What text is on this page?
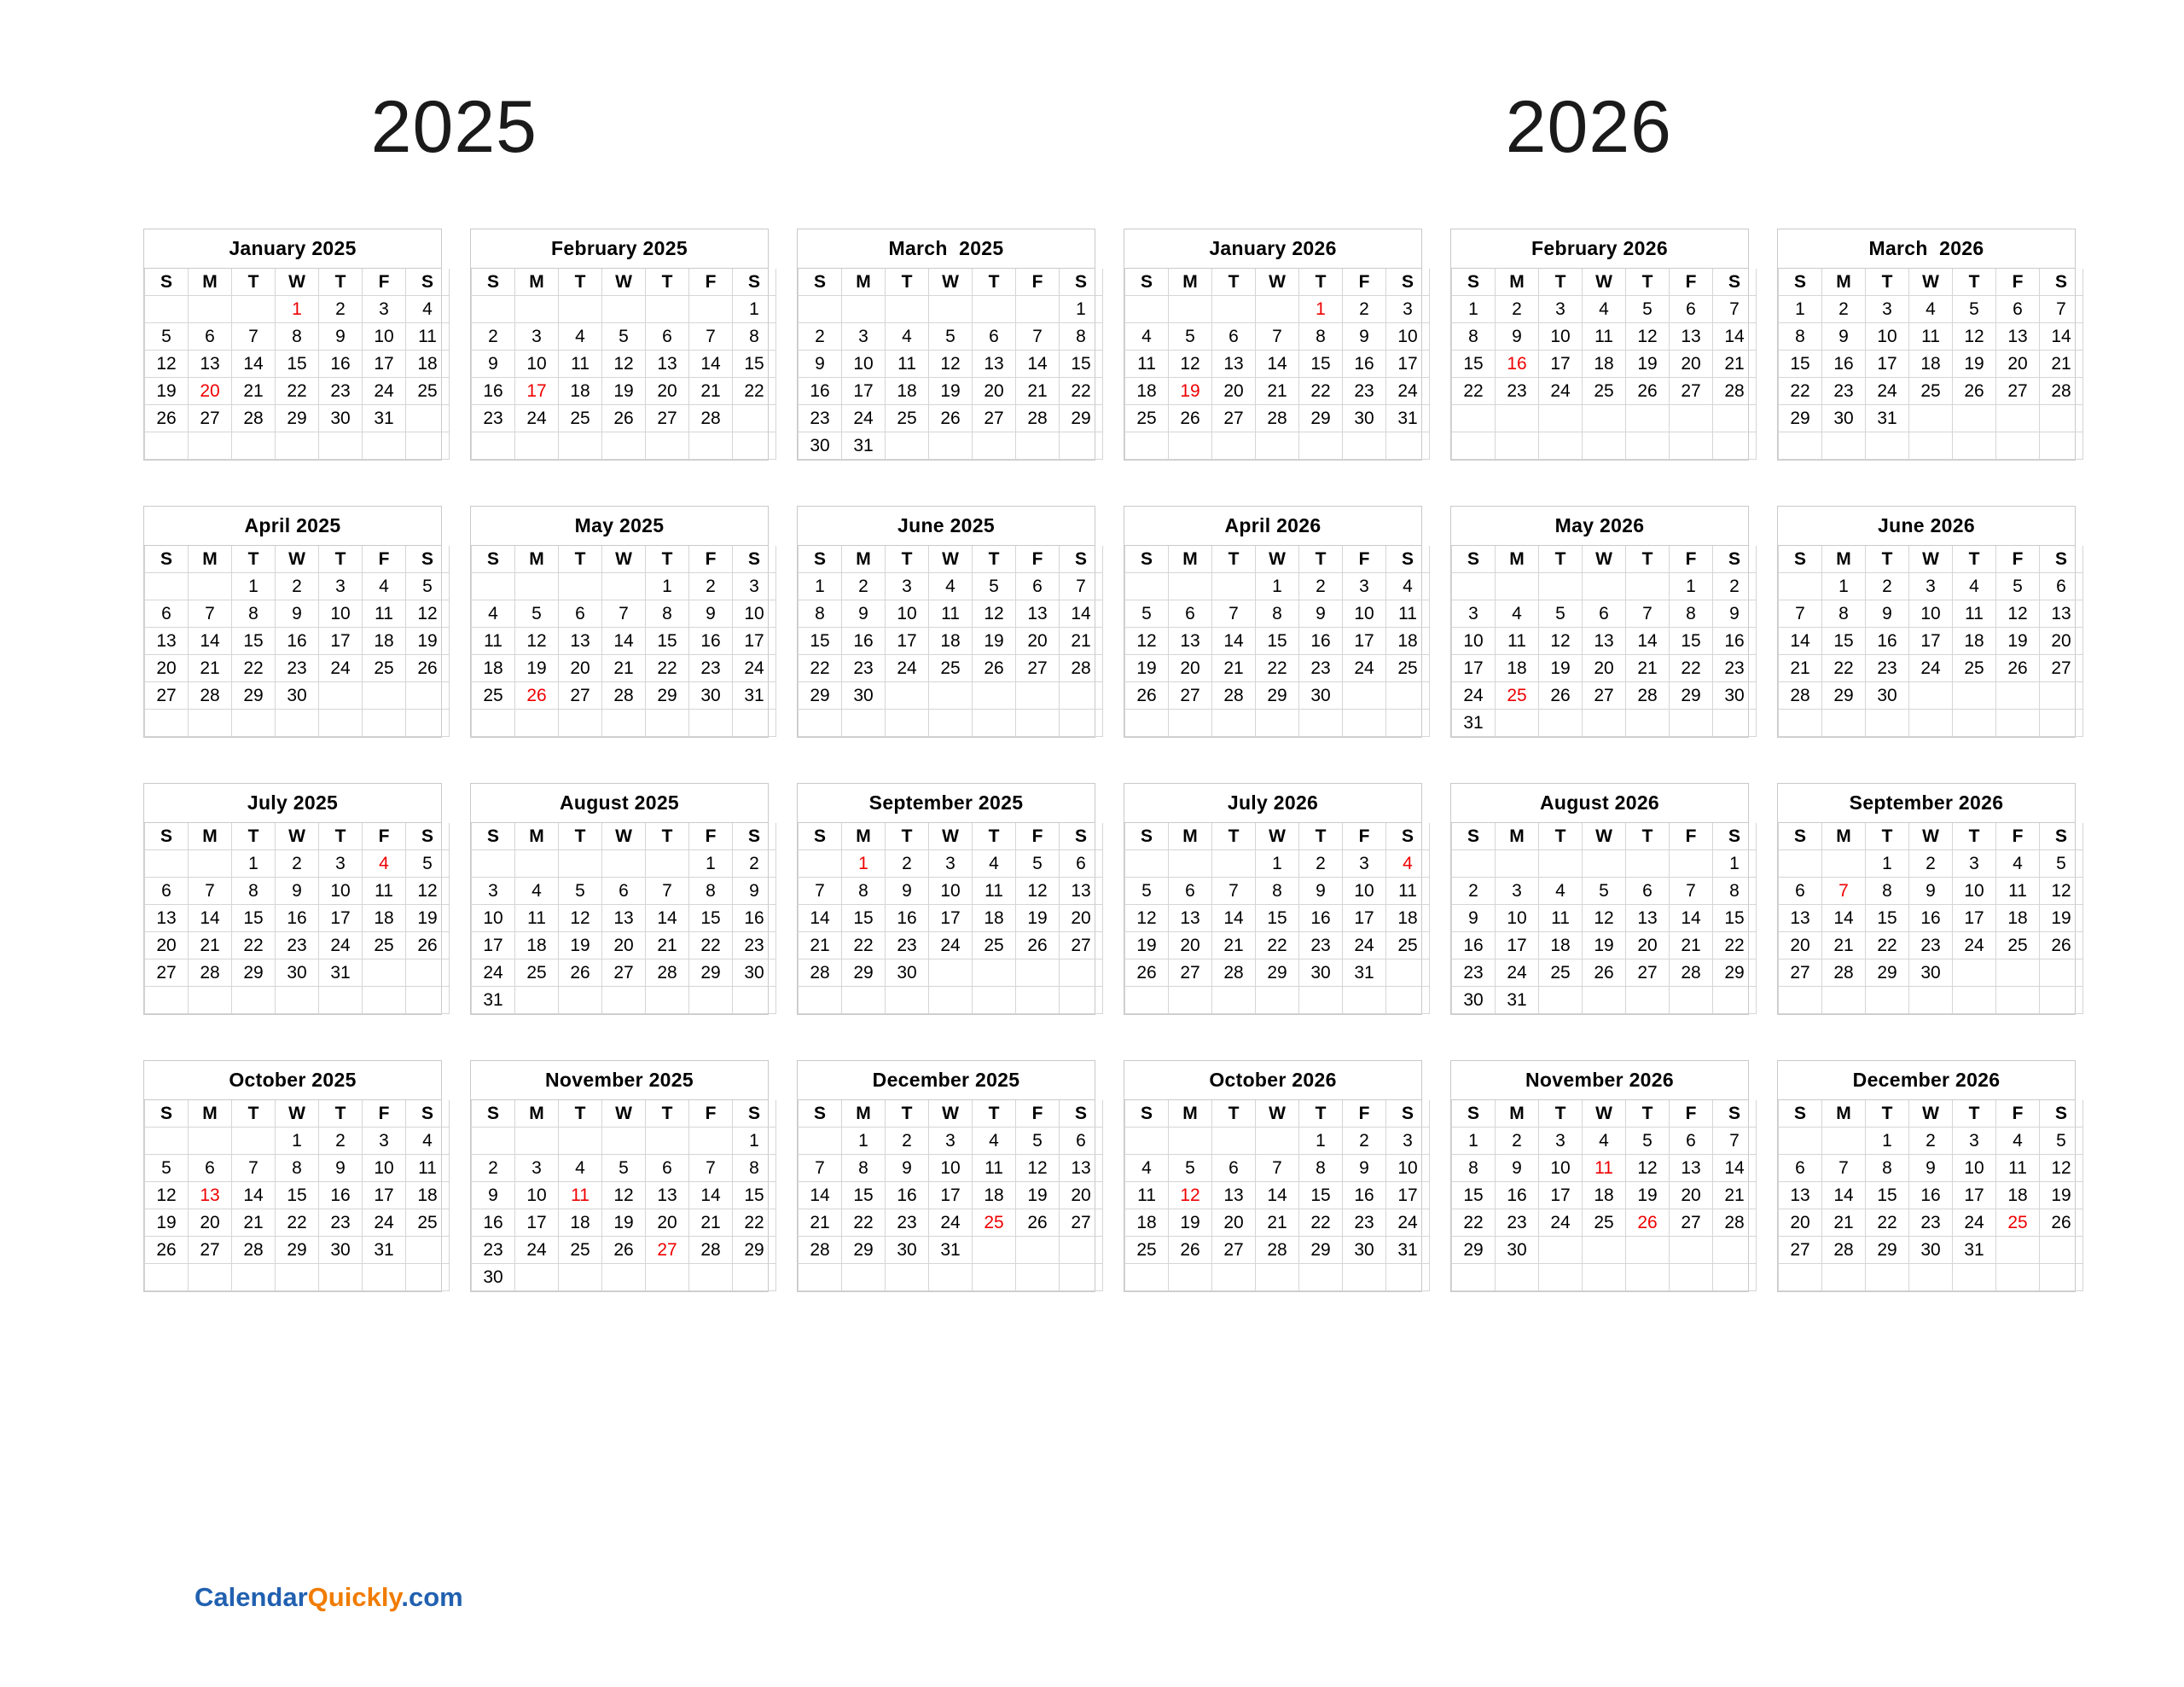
2025	2026
January 2025
S	M	T	W	T	F	S
			1	2	3	4
5	6	7	8	9	10	11
12	13	14	15	16	17	18
19	20	21	22	23	24	25
26	27	28	29	30	31	

February 2025
S	M	T	W	T	F	S
						1
2	3	4	5	6	7	8
9	10	11	12	13	14	15
16	17	18	19	20	21	22
23	24	25	26	27	28	

March  2025
S	M	T	W	T	F	S
						1
2	3	4	5	6	7	8
9	10	11	12	13	14	15
16	17	18	19	20	21	22
23	24	25	26	27	28	29
30	31					
January 2026
S	M	T	W	T	F	S
				1	2	3
4	5	6	7	8	9	10
11	12	13	14	15	16	17
18	19	20	21	22	23	24
25	26	27	28	29	30	31

February 2026
S	M	T	W	T	F	S
1	2	3	4	5	6	7
8	9	10	11	12	13	14
15	16	17	18	19	20	21
22	23	24	25	26	27	28

March  2026
S	M	T	W	T	F	S
1	2	3	4	5	6	7
8	9	10	11	12	13	14
15	16	17	18	19	20	21
22	23	24	25	26	27	28
29	30	31				

April 2025
S	M	T	W	T	F	S
		1	2	3	4	5
6	7	8	9	10	11	12
13	14	15	16	17	18	19
20	21	22	23	24	25	26
27	28	29	30			

May 2025
S	M	T	W	T	F	S
				1	2	3
4	5	6	7	8	9	10
11	12	13	14	15	16	17
18	19	20	21	22	23	24
25	26	27	28	29	30	31

June 2025
S	M	T	W	T	F	S
1	2	3	4	5	6	7
8	9	10	11	12	13	14
15	16	17	18	19	20	21
22	23	24	25	26	27	28
29	30					

April 2026
S	M	T	W	T	F	S
			1	2	3	4
5	6	7	8	9	10	11
12	13	14	15	16	17	18
19	20	21	22	23	24	25
26	27	28	29	30		

May 2026
S	M	T	W	T	F	S
					1	2
3	4	5	6	7	8	9
10	11	12	13	14	15	16
17	18	19	20	21	22	23
24	25	26	27	28	29	30
31						
June 2026
S	M	T	W	T	F	S
	1	2	3	4	5	6
7	8	9	10	11	12	13
14	15	16	17	18	19	20
21	22	23	24	25	26	27
28	29	30				

July 2025
S	M	T	W	T	F	S
		1	2	3	4	5
6	7	8	9	10	11	12
13	14	15	16	17	18	19
20	21	22	23	24	25	26
27	28	29	30	31		

August 2025
S	M	T	W	T	F	S
					1	2
3	4	5	6	7	8	9
10	11	12	13	14	15	16
17	18	19	20	21	22	23
24	25	26	27	28	29	30
31						
September 2025
S	M	T	W	T	F	S
	1	2	3	4	5	6
7	8	9	10	11	12	13
14	15	16	17	18	19	20
21	22	23	24	25	26	27
28	29	30				

July 2026
S	M	T	W	T	F	S
			1	2	3	4
5	6	7	8	9	10	11
12	13	14	15	16	17	18
19	20	21	22	23	24	25
26	27	28	29	30	31	

August 2026
S	M	T	W	T	F	S
						1
2	3	4	5	6	7	8
9	10	11	12	13	14	15
16	17	18	19	20	21	22
23	24	25	26	27	28	29
30	31					
September 2026
S	M	T	W	T	F	S
		1	2	3	4	5
6	7	8	9	10	11	12
13	14	15	16	17	18	19
20	21	22	23	24	25	26
27	28	29	30			

October 2025
S	M	T	W	T	F	S
			1	2	3	4
5	6	7	8	9	10	11
12	13	14	15	16	17	18
19	20	21	22	23	24	25
26	27	28	29	30	31	

November 2025
S	M	T	W	T	F	S
						1
2	3	4	5	6	7	8
9	10	11	12	13	14	15
16	17	18	19	20	21	22
23	24	25	26	27	28	29
30						
December 2025
S	M	T	W	T	F	S
	1	2	3	4	5	6
7	8	9	10	11	12	13
14	15	16	17	18	19	20
21	22	23	24	25	26	27
28	29	30	31			

October 2026
S	M	T	W	T	F	S
				1	2	3
4	5	6	7	8	9	10
11	12	13	14	15	16	17
18	19	20	21	22	23	24
25	26	27	28	29	30	31

November 2026
S	M	T	W	T	F	S
1	2	3	4	5	6	7
8	9	10	11	12	13	14
15	16	17	18	19	20	21
22	23	24	25	26	27	28
29	30					

December 2026
S	M	T	W	T	F	S
		1	2	3	4	5
6	7	8	9	10	11	12
13	14	15	16	17	18	19
20	21	22	23	24	25	26
27	28	29	30	31		

CalendarQuickly.com
